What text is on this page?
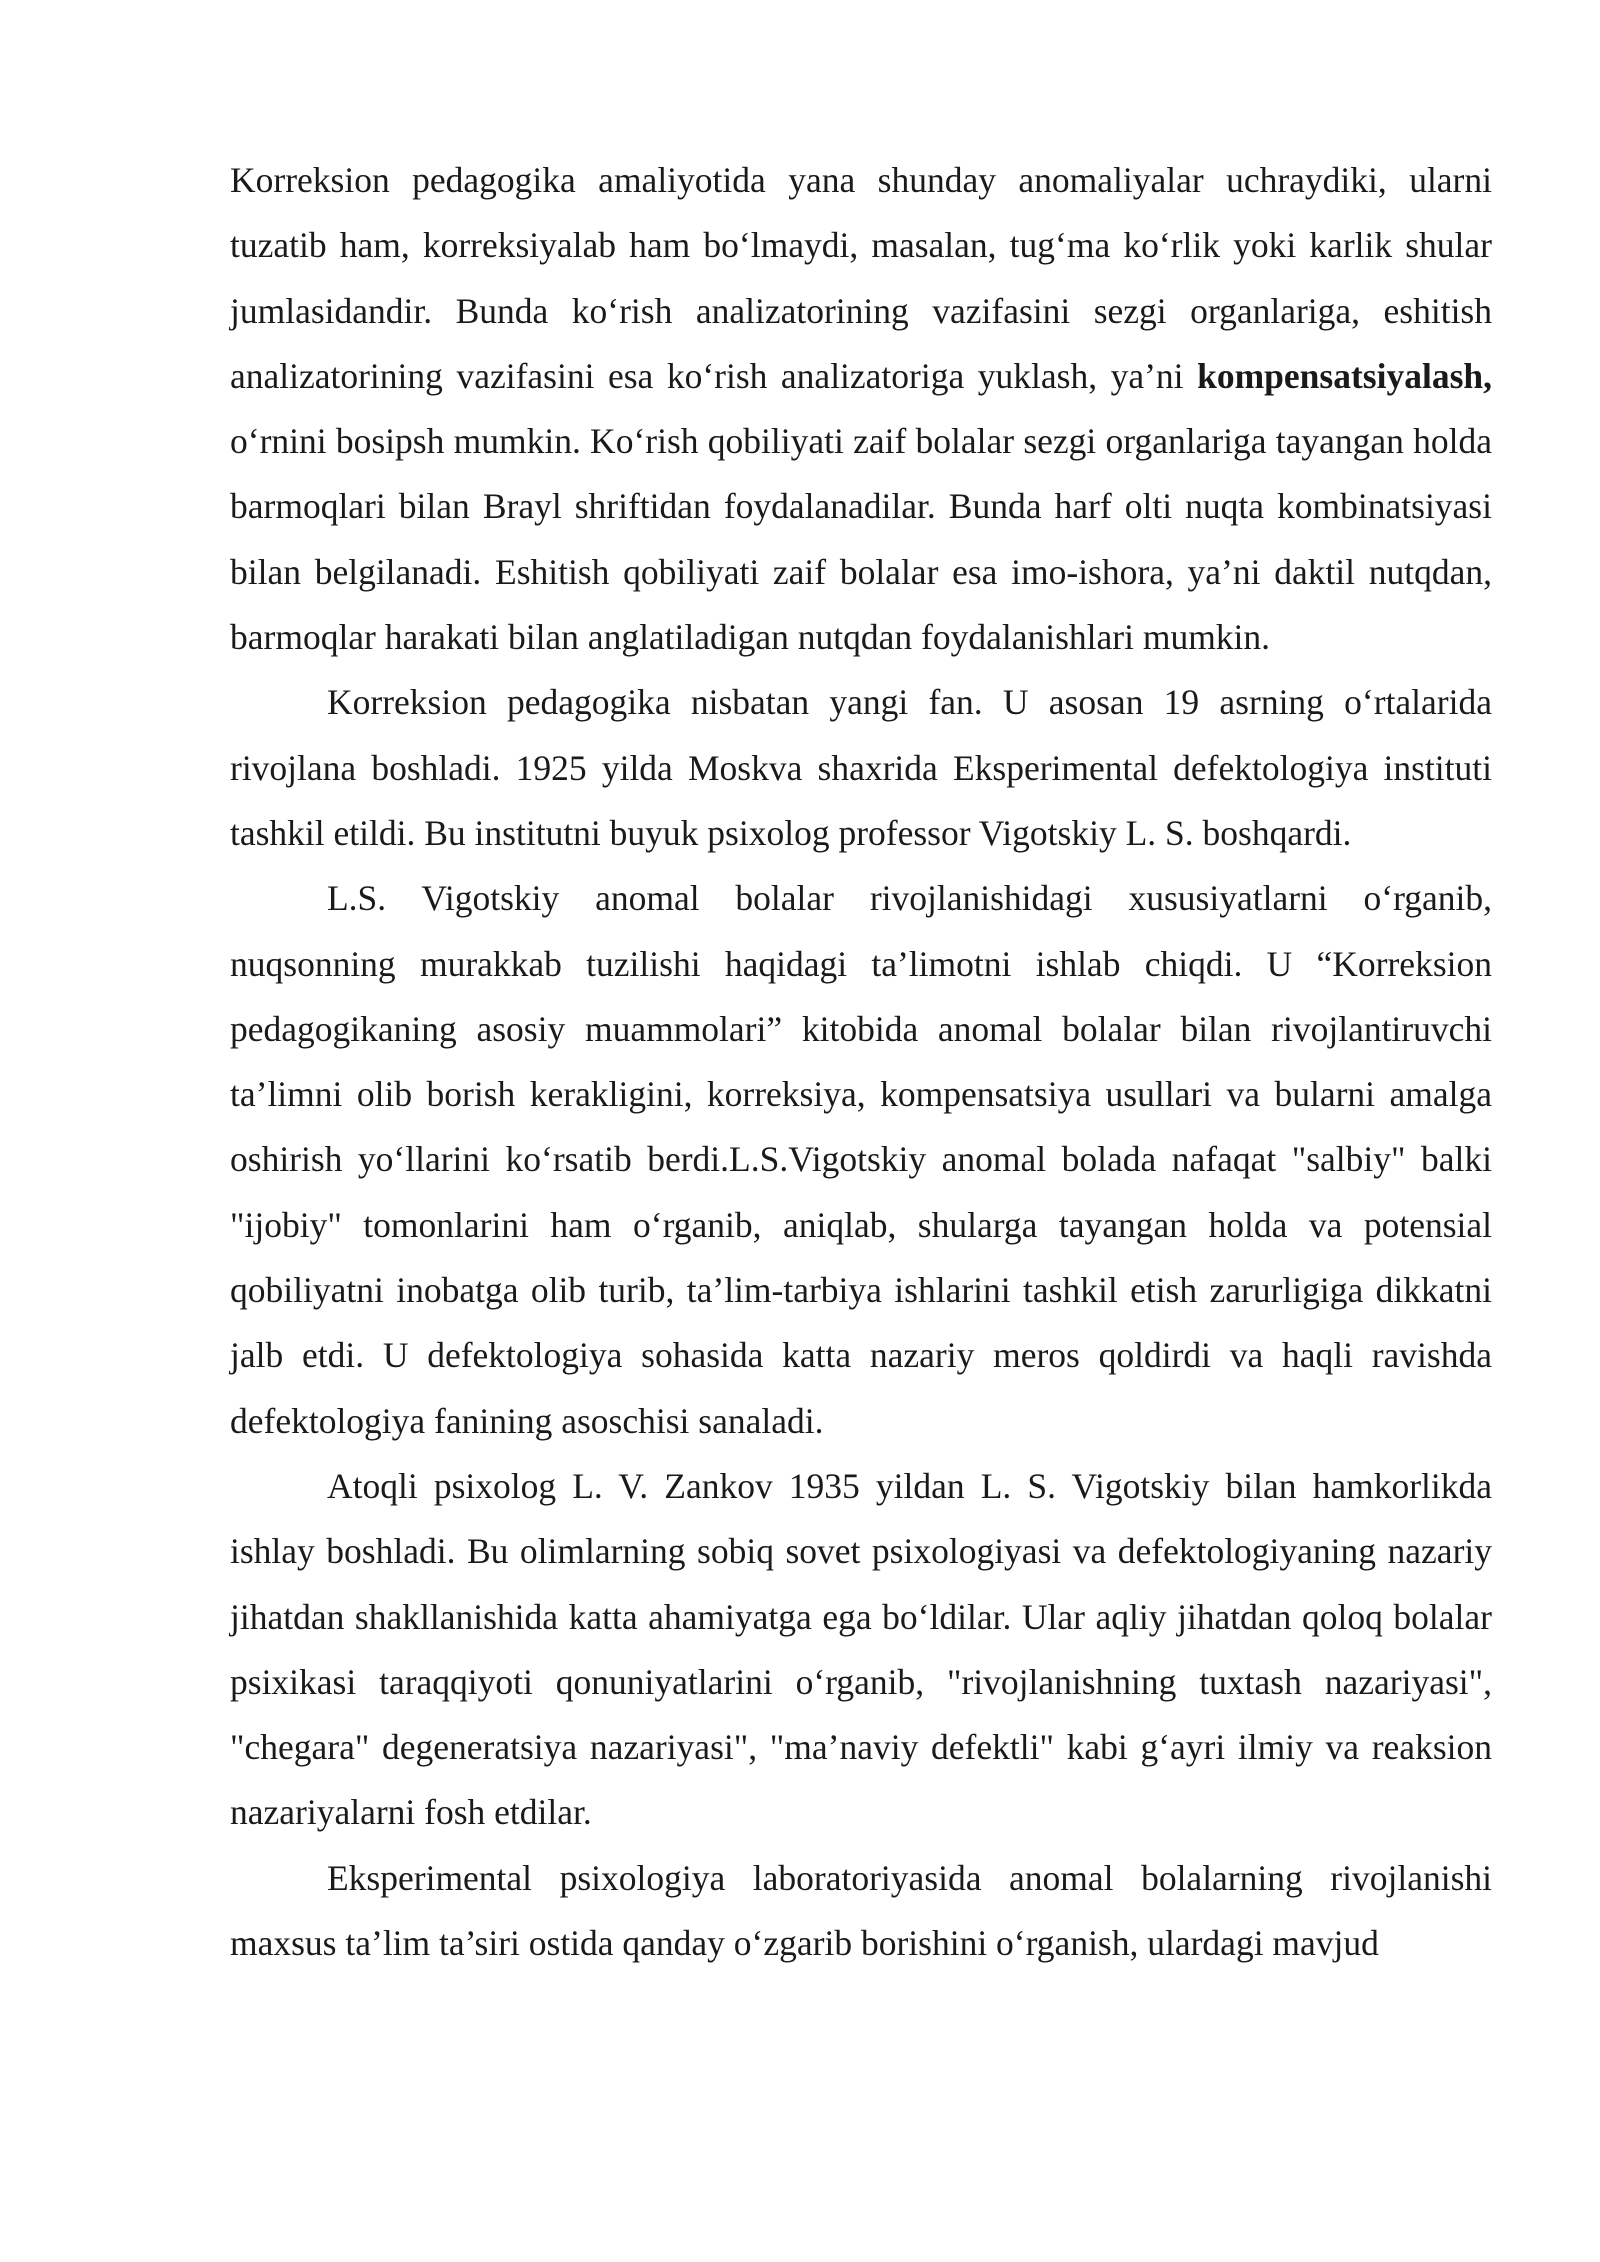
Korreksion pedagogika amaliyotida yana shunday anomaliyalar uchraydiki, ularni tuzatib ham, korreksiyalab ham bo‘lmaydi, masalan, tug‘ma ko‘rlik yoki karlik shular jumlasidandir. Bunda ko‘rish analizatorining vazifasini sezgi organlariga, eshitish analizatorining vazifasini esa ko‘rish analizatoriga yuklash, ya’ni kompensatsiyalash, o‘rnini bosipsh mumkin. Ko‘rish qobiliyati zaif bolalar sezgi organlariga tayangan holda barmoqlari bilan Brayl shriftidan foydalanadilar. Bunda harf olti nuqta kombinatsiyasi bilan belgilanadi. Eshitish qobiliyati zaif bolalar esa imo-ishora, ya’ni daktil nutqdan, barmoqlar harakati bilan anglatiladigan nutqdan foydalanishlari mumkin.

Korreksion pedagogika nisbatan yangi fan. U asosan 19 asrning o‘rtalarida rivojlana boshladi. 1925 yilda Moskva shaxrida Eksperimental defektologiya instituti tashkil etildi. Bu institutni buyuk psixolog professor Vigotskiy L. S. boshqardi.

L.S. Vigotskiy anomal bolalar rivojlanishidagi xususiyatlarni o‘rganib, nuqsonning murakkab tuzilishi haqidagi ta’limotni ishlab chiqdi. U “Korreksion pedagogikaning asosiy muammolari” kitobida anomal bolalar bilan rivojlantiruvchi ta’limni olib borish kerakligini, korreksiya, kompensatsiya usullari va bularni amalga oshirish yo‘llarini ko‘rsatib berdi.L.S.Vigotskiy anomal bolada nafaqat "salbiy" balki "ijobiy" tomonlarini ham o‘rganib, aniqlab, shularga tayangan holda va potensial qobiliyatni inobatga olib turib, ta’lim-tarbiya ishlarini tashkil etish zarurligiga dikkatni jalb etdi. U defektologiya sohasida katta nazariy meros qoldirdi va haqli ravishda defektologiya fanining asoschisi sanaladi.

Atoqli psixolog L. V. Zankov 1935 yildan L. S. Vigotskiy bilan hamkorlikda ishlay boshladi. Bu olimlarning sobiq sovet psixologiyasi va defektologiyaning nazariy jihatdan shakllanishida katta ahamiyatga ega bo‘ldilar. Ular aqliy jihatdan qoloq bolalar psixikasi taraqqiyoti qonuniyatlarini o‘rganib, "rivojlanishning tuxtash nazariyasi", "chegara" degeneratsiya nazariyasi", "ma’naviy defektli" kabi g‘ayri ilmiy va reaksion nazariyalarni fosh etdilar.

Eksperimental psixologiya laboratoriyasida anomal bolalarning rivojlanishi maxsus ta’lim ta’siri ostida qanday o‘zgarib borishini o‘rganish, ulardagi mavjud
